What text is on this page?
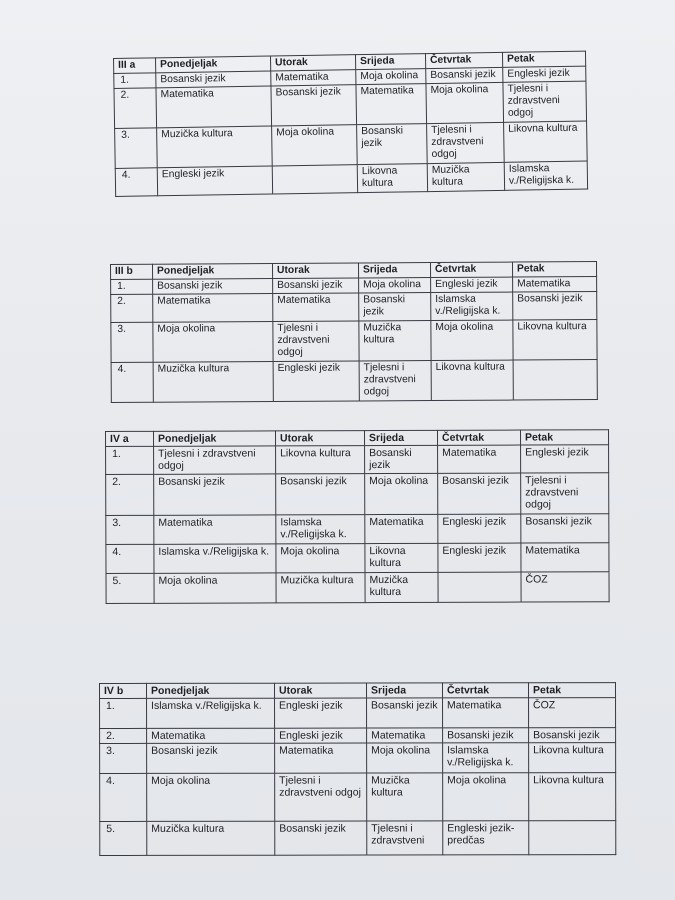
III a	Ponedjeljak	Utorak	Srijeda	Četvrtak	Petak
1.	Bosanski jezik	Matematika	Moja okolina	Bosanski jezik	Engleski jezik
2.	Matematika	Bosanski jezik	Matematika	Moja okolina	Tjelesni i zdravstveni odgoj
3.	Muzička kultura	Moja okolina	Bosanski jezik	Tjelesni i zdravstveni odgoj	Likovna kultura
4.	Engleski jezik		Likovna kultura	Muzička kultura	Islamska v./Religijska k.
III b	Ponedjeljak	Utorak	Srijeda	Četvrtak	Petak
1.	Bosanski jezik	Bosanski jezik	Moja okolina	Engleski jezik	Matematika
2.	Matematika	Matematika	Bosanski jezik	Islamska v./Religijska k.	Bosanski jezik
3.	Moja okolina	Tjelesni i zdravstveni odgoj	Muzička kultura	Moja okolina	Likovna kultura
4.	Muzička kultura	Engleski jezik	Tjelesni i zdravstveni odgoj	Likovna kultura	
IV a	Ponedjeljak	Utorak	Srijeda	Četvrtak	Petak
1.	Tjelesni i zdravstveni odgoj	Likovna kultura	Bosanski jezik	Matematika	Engleski jezik
2.	Bosanski jezik	Bosanski jezik	Moja okolina	Bosanski jezik	Tjelesni i zdravstveni odgoj
3.	Matematika	Islamska v./Religijska k.	Matematika	Engleski jezik	Bosanski jezik
4.	Islamska v./Religijska k.	Moja okolina	Likovna kultura	Engleski jezik	Matematika
5.	Moja okolina	Muzička kultura	Muzička kultura		ČOZ
IV b	Ponedjeljak	Utorak	Srijeda	Četvrtak	Petak
1.	Islamska v./Religijska k.	Engleski jezik	Bosanski jezik	Matematika	ČOZ
2.	Matematika	Engleski jezik	Matematika	Bosanski jezik	Bosanski jezik
3.	Bosanski jezik	Matematika	Moja okolina	Islamska v./Religijska k.	Likovna kultura
4.	Moja okolina	Tjelesni i zdravstveni odgoj	Muzička kultura	Moja okolina	Likovna kultura
5.	Muzička kultura	Bosanski jezik	Tjelesni i zdravstveni	Engleski jezik-predčas	
